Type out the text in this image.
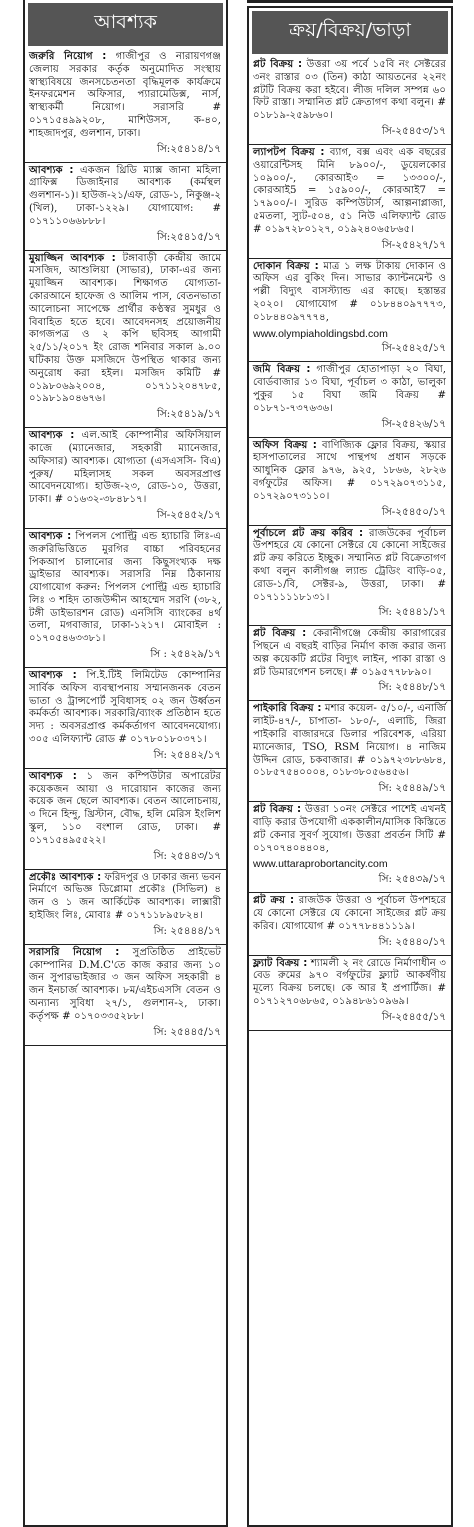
আবশ্যক
জরুরি নিয়োগ : গাজীপুর ও নারায়ণগঞ্জ জেলায় সরকার কর্তৃক অনুমোদিত সংস্থায় স্বাস্থ্যবিষয়ে জনসচেতনতা বৃদ্ধিমূলক কার্যক্রমে ইনফরমেশন অফিসার, প্যারামেডিক্স, নার্স, স্বাস্থ্যকর্মী নিয়োগ। সরাসরি # ০১৭১৫৪৯৯২০৮, মাশিউসস, ক-৪০, শাহজাদপুর, গুলশান, ঢাকা।
সি:২৫৪১৪/১৭
আবশ্যক : একজন থ্রিডি ম্যাক্স জানা মহিলা গ্রাফিক্স ডিজাইনার আবশ্যক (কর্মস্থল গুলশান-১)। হাউজ-২১/এফ, রোড-১, নিকুঞ্জ-২ (খিল), ঢাকা-১২২৯। যোগাযোগ: # ০১৭১১০৬৬৮৮৮।
সি:২৫৪১৫/১৭
মুয়াজ্জিন আবশ্যক : টঙ্গাবাড়ী কেন্দ্রীয় জামে মসজিদ, আশুলিয়া (সাভার), ঢাকা-এর জন্য মুয়াজ্জিন আবশ্যক। শিক্ষাগত যোগ্যতা- কোরআনে হাফেজ ও আলিম পাস, বেতনভাতা আলোচনা সাপেক্ষে প্রার্থীর কণ্ঠস্বর সুমধুর ও বিবাহিত হতে হবে। আবেদনসহ প্রয়োজনীয় কাগজপত্র ও ২ কপি ছবিসহ আগামী ২৫/১১/২০১৭ ইং রোজ শনিবার সকাল ৯.০০ ঘটিকায় উক্ত মসজিদে উপস্থিত থাকার জন্য অনুরোধ করা হইল। মসজিদ কমিটি # ০১৯৮০৬৯২০০৪, ০১৭১১২০৪৭৮৫, ০১৯৮১৯০৪৬৭৬।
সি:২৫৪১৯/১৭
আবশ্যক : এল.আই কোম্পানীর অফিসিয়াল কাজে (ম্যানেজার, সহকারী ম্যানেজার, অফিসার) আবশ্যক। যোগ্যতা (এসএসসি- বিএ) পুরুষ/ মহিলাসহ সকল অবসরপ্রাপ্ত আবেদনযোগ্য। হাউজ-২৩, রোড-১০, উত্তরা, ঢাকা। # ০১৬৩২-৩৮৪৮১৭।
সি-২৫৪৫২/১৭
আবশ্যক : পিপলস পোল্ট্রি এন্ড হ্যাচারি লিঃ-এ জরুরিভিত্তিতে মুরগির বাচ্চা পরিবহনের পিকআপ চালানোর জন্য কিছুসংখ্যক দক্ষ ড্রাইভার আবশ্যক। সরাসরি নিম্ন ঠিকানায় যোগাযোগ করুন: পিপলস পোল্ট্রি এন্ড হ্যাচারি লিঃ ৩ শহিদ তাজউদ্দীন আহম্মেদ সরণি (৩৮২, টঙ্গী ডাইভারশন রোড) এনসিসি ব্যাংকের ৪র্থ তলা, মগবাজার, ঢাকা-১২১৭। মোবাইল : ০১৭০৫৪৬৩৩৮১।
সি : ২৫৪২৯/১৭
আবশ্যক : পি.ই.টিই লিমিটেড কোম্পানির সার্বিক অফিস ব্যবস্থাপনায় সম্মানজনক বেতন ভাতা ও ট্রান্সপোর্ট সুবিধাসহ ০২ জন উর্ধ্বতন কর্মকর্তা আবশ্যক। সরকারি/ব্যাংক প্রতিষ্ঠান হতে সদ্য : অবসরপ্রাপ্ত কর্মকর্তাগণ আবেদনযোগ্য। ৩০৫ এলিফ্যান্ট রোড # ০১৭৮০১৮০৩৭১।
সি: ২৫৪৪২/১৭
আবশ্যক : ১ জন কম্পিউটার অপারেটর কয়েকজন আয়া ও দারোয়ান কাজের জন্য কয়েক জন ছেলে আবশ্যক। বেতন আলোচনায়, ৩ দিনে হিন্দু, খ্রিস্টান, বৌদ্ধ, হলি মেরিস ইংলিশ স্কুল, ১১০ বংশাল রোড, ঢাকা। # ০১৭১৫৪৯৫৫২২।
সি: ২৫৪৪৩/১৭
প্রকৌঃ আবশ্যক : ফরিদপুর ও ঢাকার জন্য ভবন নির্মাণে অভিজ্ঞ ডিপ্লোমা প্রকৌঃ (সিভিল) ৪ জন ও ১ জন আর্কিটেক আবশ্যক। লাক্সারী হাইজিং লিঃ, মোবাঃ # ০১৭১১৮৯৫৮২৪।
সি: ২৫৪৪৪/১৭
সরাসরি নিয়োগ : সুপ্রতিষ্ঠিত প্রাইভেট কোম্পানির D.M.C'তে কাজ করার জন্য ১০ জন সুপারভাইজার ৩ জন অফিস সহকারী ৪ জন ইনচার্জ আবশ্যক। ৮ম/এইচএসসি বেতন ও অন্যান্য সুবিধা ২৭/১, গুলশান-২, ঢাকা। কর্তৃপক্ষ # ০১৭০৩৩৫২৮৮।
সি: ২৫৪৪৫/১৭
ক্রয়/বিক্রয়/ভাড়া
প্লট বিক্রয় : উত্তরা ৩য় পর্বে ১৫বি নং সেক্টরের ৩নং রাস্তার ০৩ (তিন) কাঠা আয়তনের ২২নং প্লটটি বিক্রয় করা হইবে। লীজ দলিল সম্পন্ন ৬০ ফিট রাস্তা। সম্মানিত প্লট ক্রেতাগণ কথা বলুন। # ০১৮১৯-২৫৯৮৬০।
সি-২৫৪৫৩/১৭
ল্যাপটপ বিক্রয় : ব্যাগ, বক্স এবং এক বছরের ওয়ারেন্টিসহ মিনি ৮৯০০/-, ডুয়েলকোর ১০৯০০/-, কোরআই৩ = ১৩৩০০/-, কোরআই5 = ১৫৯০০/-, কোরআই7 = ১৭৯০০/-। সুরিড কম্পিউটার্স, আল্পনাপ্লাজা, ৫মতলা, স্যুট-৫০৪, ৫১ নিউ এলিফ্যান্ট রোড # ০১৯৭২৮০১২৭, ০১৯২৪০৬৫৮৬৫।
সি-২৫৪২৭/১৭
দোকান বিক্রয় : মাত্র ১ লক্ষ টাকায় দোকান ও অফিস এর বুকিং দিন। সাভার ক্যান্টনমেন্ট ও পল্লী বিদ্যুৎ বাসস্ট্যান্ড এর কাছে। হস্তান্তর ২০২০। যোগাযোগ # ০১৮৪৪০৯৭৭৭৩, ০১৮৪৪০৯৭৭৭৪,
www.olympiaholdingsbd.com
সি-২৫৪২৫/১৭
জমি বিক্রয় : গাজীপুর হোতাপাড়া ২০ বিঘা, বোর্ডবাজার ১৩ বিঘা, পূর্বাচল ৩ কাঠা, ভালুকা পুকুর ১৫ বিঘা জমি বিক্রয় # ০১৮৭১-৭৩৭৬৩৬।
সি-২৫৪২৬/১৭
অফিস বিক্রয় : বাণিজ্যিক ফ্লোর বিক্রয়, স্কয়ার হাসপাতালের সাথে পান্থপথ প্রধান সড়কে আধুনিক ফ্লোর ৯৭৬, ৯২৫, ১৮৬৬, ২৮২৬ বর্গফুটের অফিস। # ০১৭২৯০৭৩১১৫, ০১৭২৯০৭৩১১০।
সি-২৫৪৫০/১৭
পূর্বাচলে প্লট ক্রয় করিব : রাজউকের পূর্বাচল উপশহরে যে কোনো সেক্টরে যে কোনো সাইজের প্লট ক্রয় করিতে ইচ্ছুক। সম্মানিত প্লট বিক্রেতাগণ কথা বলুন কালীগঞ্জ ল্যান্ড ট্রেডিং বাড়ি-০৫, রোড-১/বি, সেক্টর-৯, উত্তরা, ঢাকা। # ০১৭১১১১৮১৩১।
সি: ২৫৪৪১/১৭
প্লট বিক্রয় : কেরানীগঞ্জে কেন্দ্রীয় কারাগারের পিছনে এ বছরই বাড়ির নির্মাণ কাজ করার জন্য অল্প কয়েকটি প্লটের বিদ্যুৎ লাইন, পাকা রাস্তা ও প্লট ডিমারগেশন চলছে। # ০১৯৫৭৭৮৮৯০।
সি: ২৫৪৪৮/১৭
পাইকারি বিক্রয় : মশার কয়েল- ৫/১০/-, এনার্জি লাইট-৪৭/-, চাপাতা- ১৮০/-, এলাচি, জিরা পাইকারি বাজারদরে ডিলার পরিবেশক, এরিয়া ম্যানেজার, TSO, RSM নিয়োগ। ৪ নাজিম উদ্দিন রোড, চকবাজার। # ০১৯৭২৩৮৮৬৮৪, ০১৮৫৭৫৪০০০৪, ০১৮৩৮০৫৬৪৫৬।
সি: ২৫৪৪৯/১৭
প্লট বিক্রয় : উত্তরা ১০নং সেক্টরে পাশেই এখনই বাড়ি করার উপযোগী এককালীন/মাসিক কিস্তিতে প্লট কেনার সুবর্ণ সুযোগ। উত্তরা প্রবর্তন সিটি # ০১৭০৭৪০৪৪০৪,
www.uttaraprobortancity.com
সি: ২৫৪৩৯/১৭
প্লট ক্রয় : রাজউক উত্তরা ও পূর্বাচল উপশহরে যে কোনো সেক্টরে যে কোনো সাইজের প্লট ক্রয় করিব। যোগাযোগ # ০১৭৭৮৪৪১১১৯।
সি: ২৫৪৪০/১৭
ফ্ল্যাট বিক্রয় : শ্যামলী ২ নং রোডে নির্মাণাধীন ৩ বেড রুমের ৯৭০ বর্গফুটের ফ্ল্যাট আকর্ষণীয় মূল্যে বিক্রয় চলছে। কে আর ই প্রপার্টিজ। # ০১৭১২৭০৬৮৬৫, ০১৯৪৮৬১০৯৬৯।
সি-২৫৪৫৫/১৭
